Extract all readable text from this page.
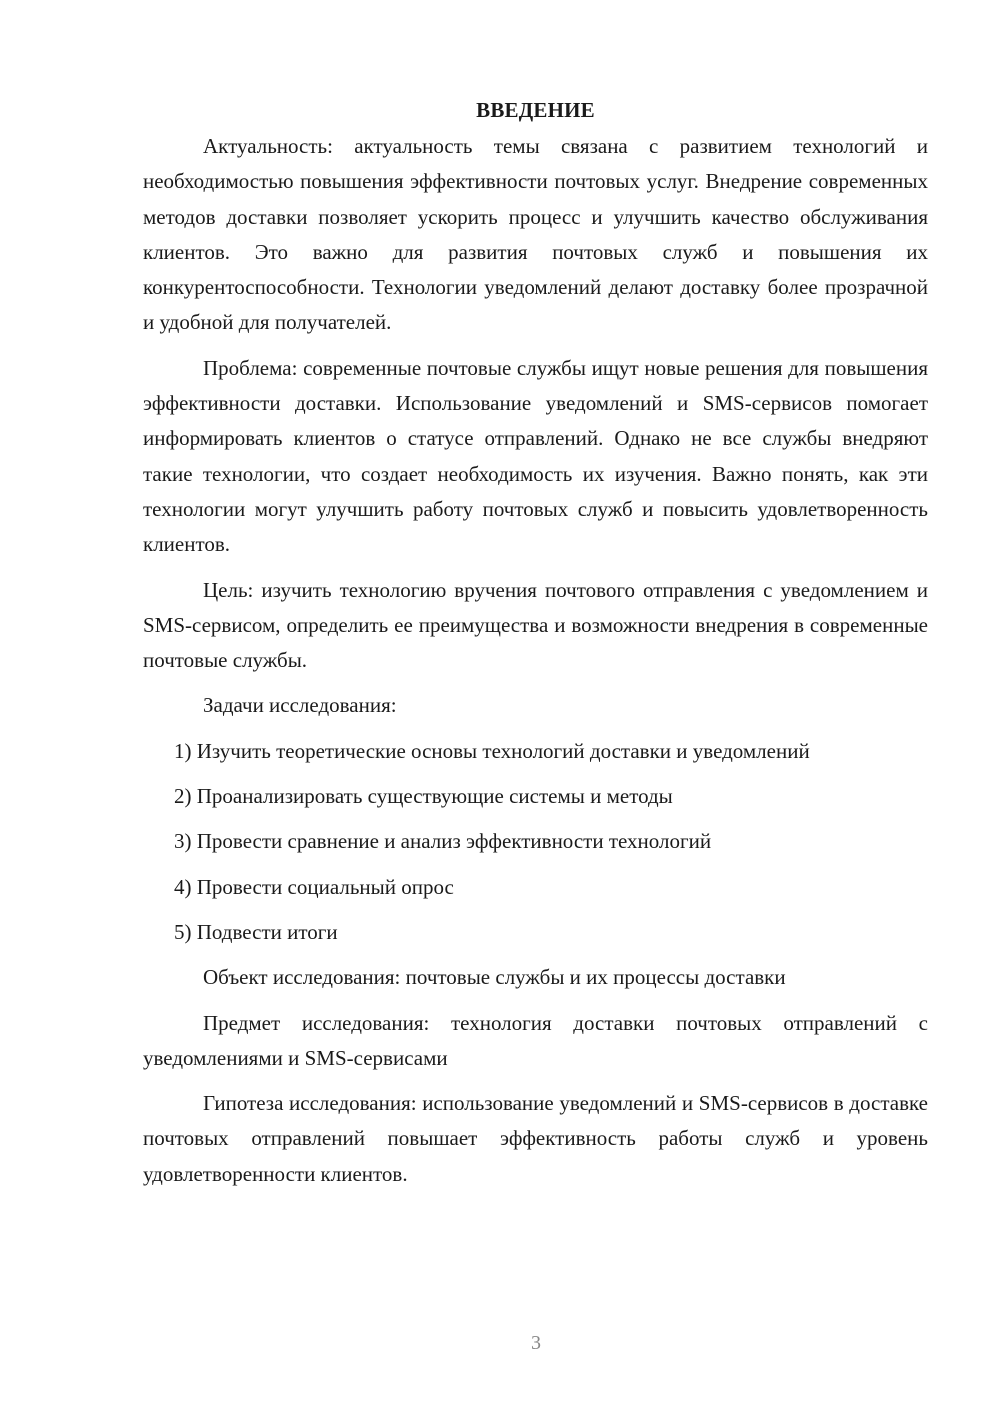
ВВЕДЕНИЕ

Актуальность: актуальность темы связана с развитием технологий и необходимостью повышения эффективности почтовых услуг. Внедрение современных методов доставки позволяет ускорить процесс и улучшить качество обслуживания клиентов. Это важно для развития почтовых служб и повышения их конкурентоспособности. Технологии уведомлений делают доставку более прозрачной и удобной для получателей.

Проблема: современные почтовые службы ищут новые решения для повышения эффективности доставки. Использование уведомлений и SMS-сервисов помогает информировать клиентов о статусе отправлений. Однако не все службы внедряют такие технологии, что создает необходимость их изучения. Важно понять, как эти технологии могут улучшить работу почтовых служб и повысить удовлетворенность клиентов.

Цель: изучить технологию вручения почтового отправления с уведомлением и SMS-сервисом, определить ее преимущества и возможности внедрения в современные почтовые службы.

Задачи исследования:

1) Изучить теоретические основы технологий доставки и уведомлений
2) Проанализировать существующие системы и методы
3) Провести сравнение и анализ эффективности технологий
4) Провести социальный опрос
5) Подвести итоги

Объект исследования: почтовые службы и их процессы доставки

Предмет исследования: технология доставки почтовых отправлений с уведомлениями и SMS-сервисами

Гипотеза исследования: использование уведомлений и SMS-сервисов в доставке почтовых отправлений повышает эффективность работы служб и уровень удовлетворенности клиентов.

3
